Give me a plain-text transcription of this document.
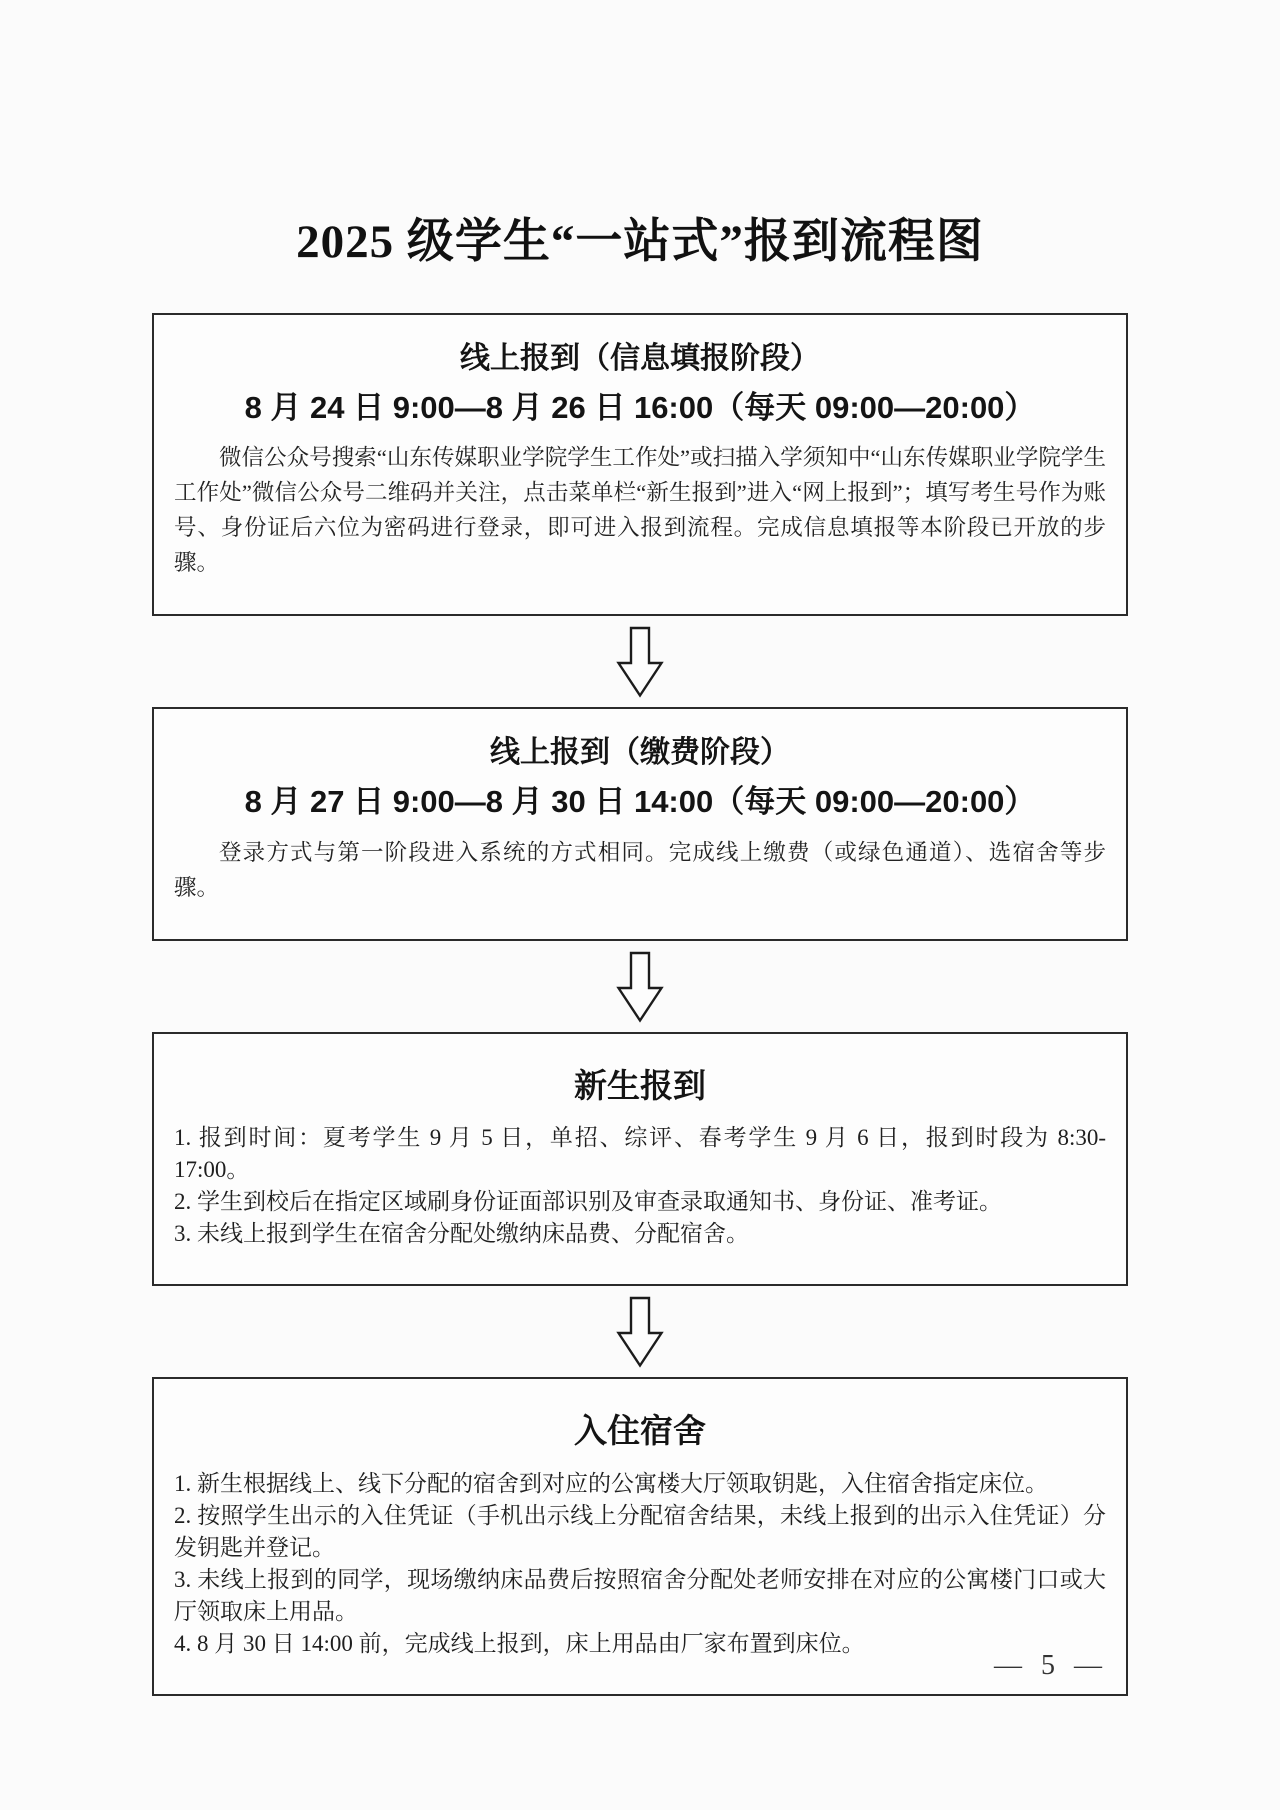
2025 级学生“一站式”报到流程图
线上报到（信息填报阶段）
8 月 24 日 9:00—8 月 26 日 16:00（每天 09:00—20:00）

微信公众号搜索“山东传媒职业学院学生工作处”或扫描入学须知中“山东传媒职业学院学生工作处”微信公众号二维码并关注，点击菜单栏“新生报到”进入“网上报到”；填写考生号作为账号、身份证后六位为密码进行登录，即可进入报到流程。完成信息填报等本阶段已开放的步骤。

线上报到（缴费阶段）
8 月 27 日 9:00—8 月 30 日 14:00（每天 09:00—20:00）

登录方式与第一阶段进入系统的方式相同。完成线上缴费（或绿色通道）、选宿舍等步骤。

新生报到

1. 报到时间：夏考学生 9 月 5 日，单招、综评、春考学生 9 月 6 日，报到时段为 8:30-17:00。

2. 学生到校后在指定区域刷身份证面部识别及审查录取通知书、身份证、准考证。

3. 未线上报到学生在宿舍分配处缴纳床品费、分配宿舍。

入住宿舍

1. 新生根据线上、线下分配的宿舍到对应的公寓楼大厅领取钥匙，入住宿舍指定床位。

2. 按照学生出示的入住凭证（手机出示线上分配宿舍结果，未线上报到的出示入住凭证）分发钥匙并登记。

3. 未线上报到的同学，现场缴纳床品费后按照宿舍分配处老师安排在对应的公寓楼门口或大厅领取床上用品。

4. 8 月 30 日 14:00 前，完成线上报到，床上用品由厂家布置到床位。

— 5 —
